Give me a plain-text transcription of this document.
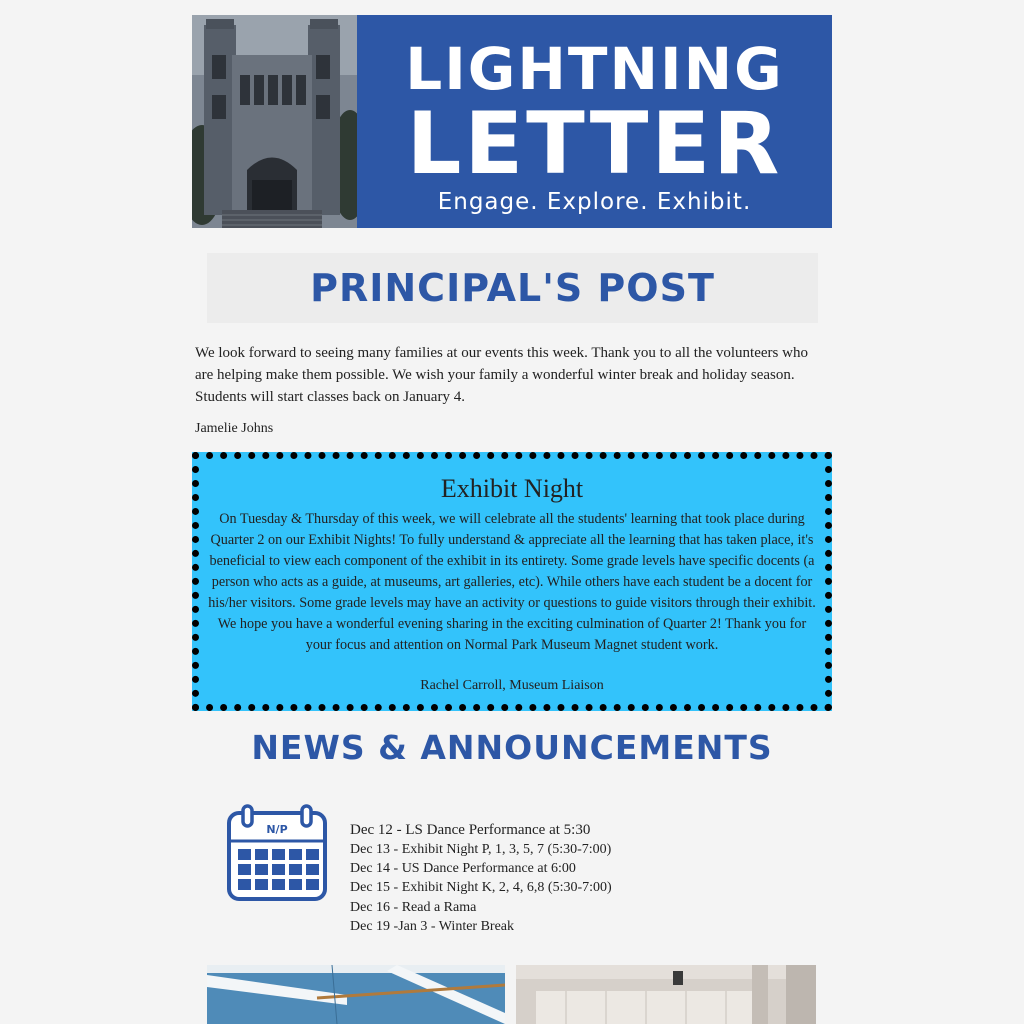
LIGHTNING
LETTER
Engage. Explore. Exhibit.
PRINCIPAL'S POST

We look forward to seeing many families at our events this week. Thank you to all the volunteers who are helping make them possible. We wish your family a wonderful winter break and holiday season. Students will start classes back on January 4.

Jamelie Johns

Exhibit Night

On Tuesday & Thursday of this week, we will celebrate all the students' learning that took place during Quarter 2 on our Exhibit Nights! To fully understand & appreciate all the learning that has taken place, it's beneficial to view each component of the exhibit in its entirety. Some grade levels have specific docents (a person who acts as a guide, at museums, art galleries, etc). While others have each student be a docent for his/her visitors. Some grade levels may have an activity or questions to guide visitors through their exhibit. We hope you have a wonderful evening sharing in the exciting culmination of Quarter 2! Thank you for your focus and attention on Normal Park Museum Magnet student work.

Rachel Carroll, Museum Liaison

NEWS & ANNOUNCEMENTS
N/P	Dec 12 - LS Dance Performance at 5:30
Dec 13 - Exhibit Night P, 1, 3, 5, 7 (5:30-7:00)
Dec 14 - US Dance Performance at 6:00
Dec 15 - Exhibit Night K, 2, 4, 6,8 (5:30-7:00)
Dec 16 - Read a Rama
Dec 19 -Jan 3 - Winter Break
